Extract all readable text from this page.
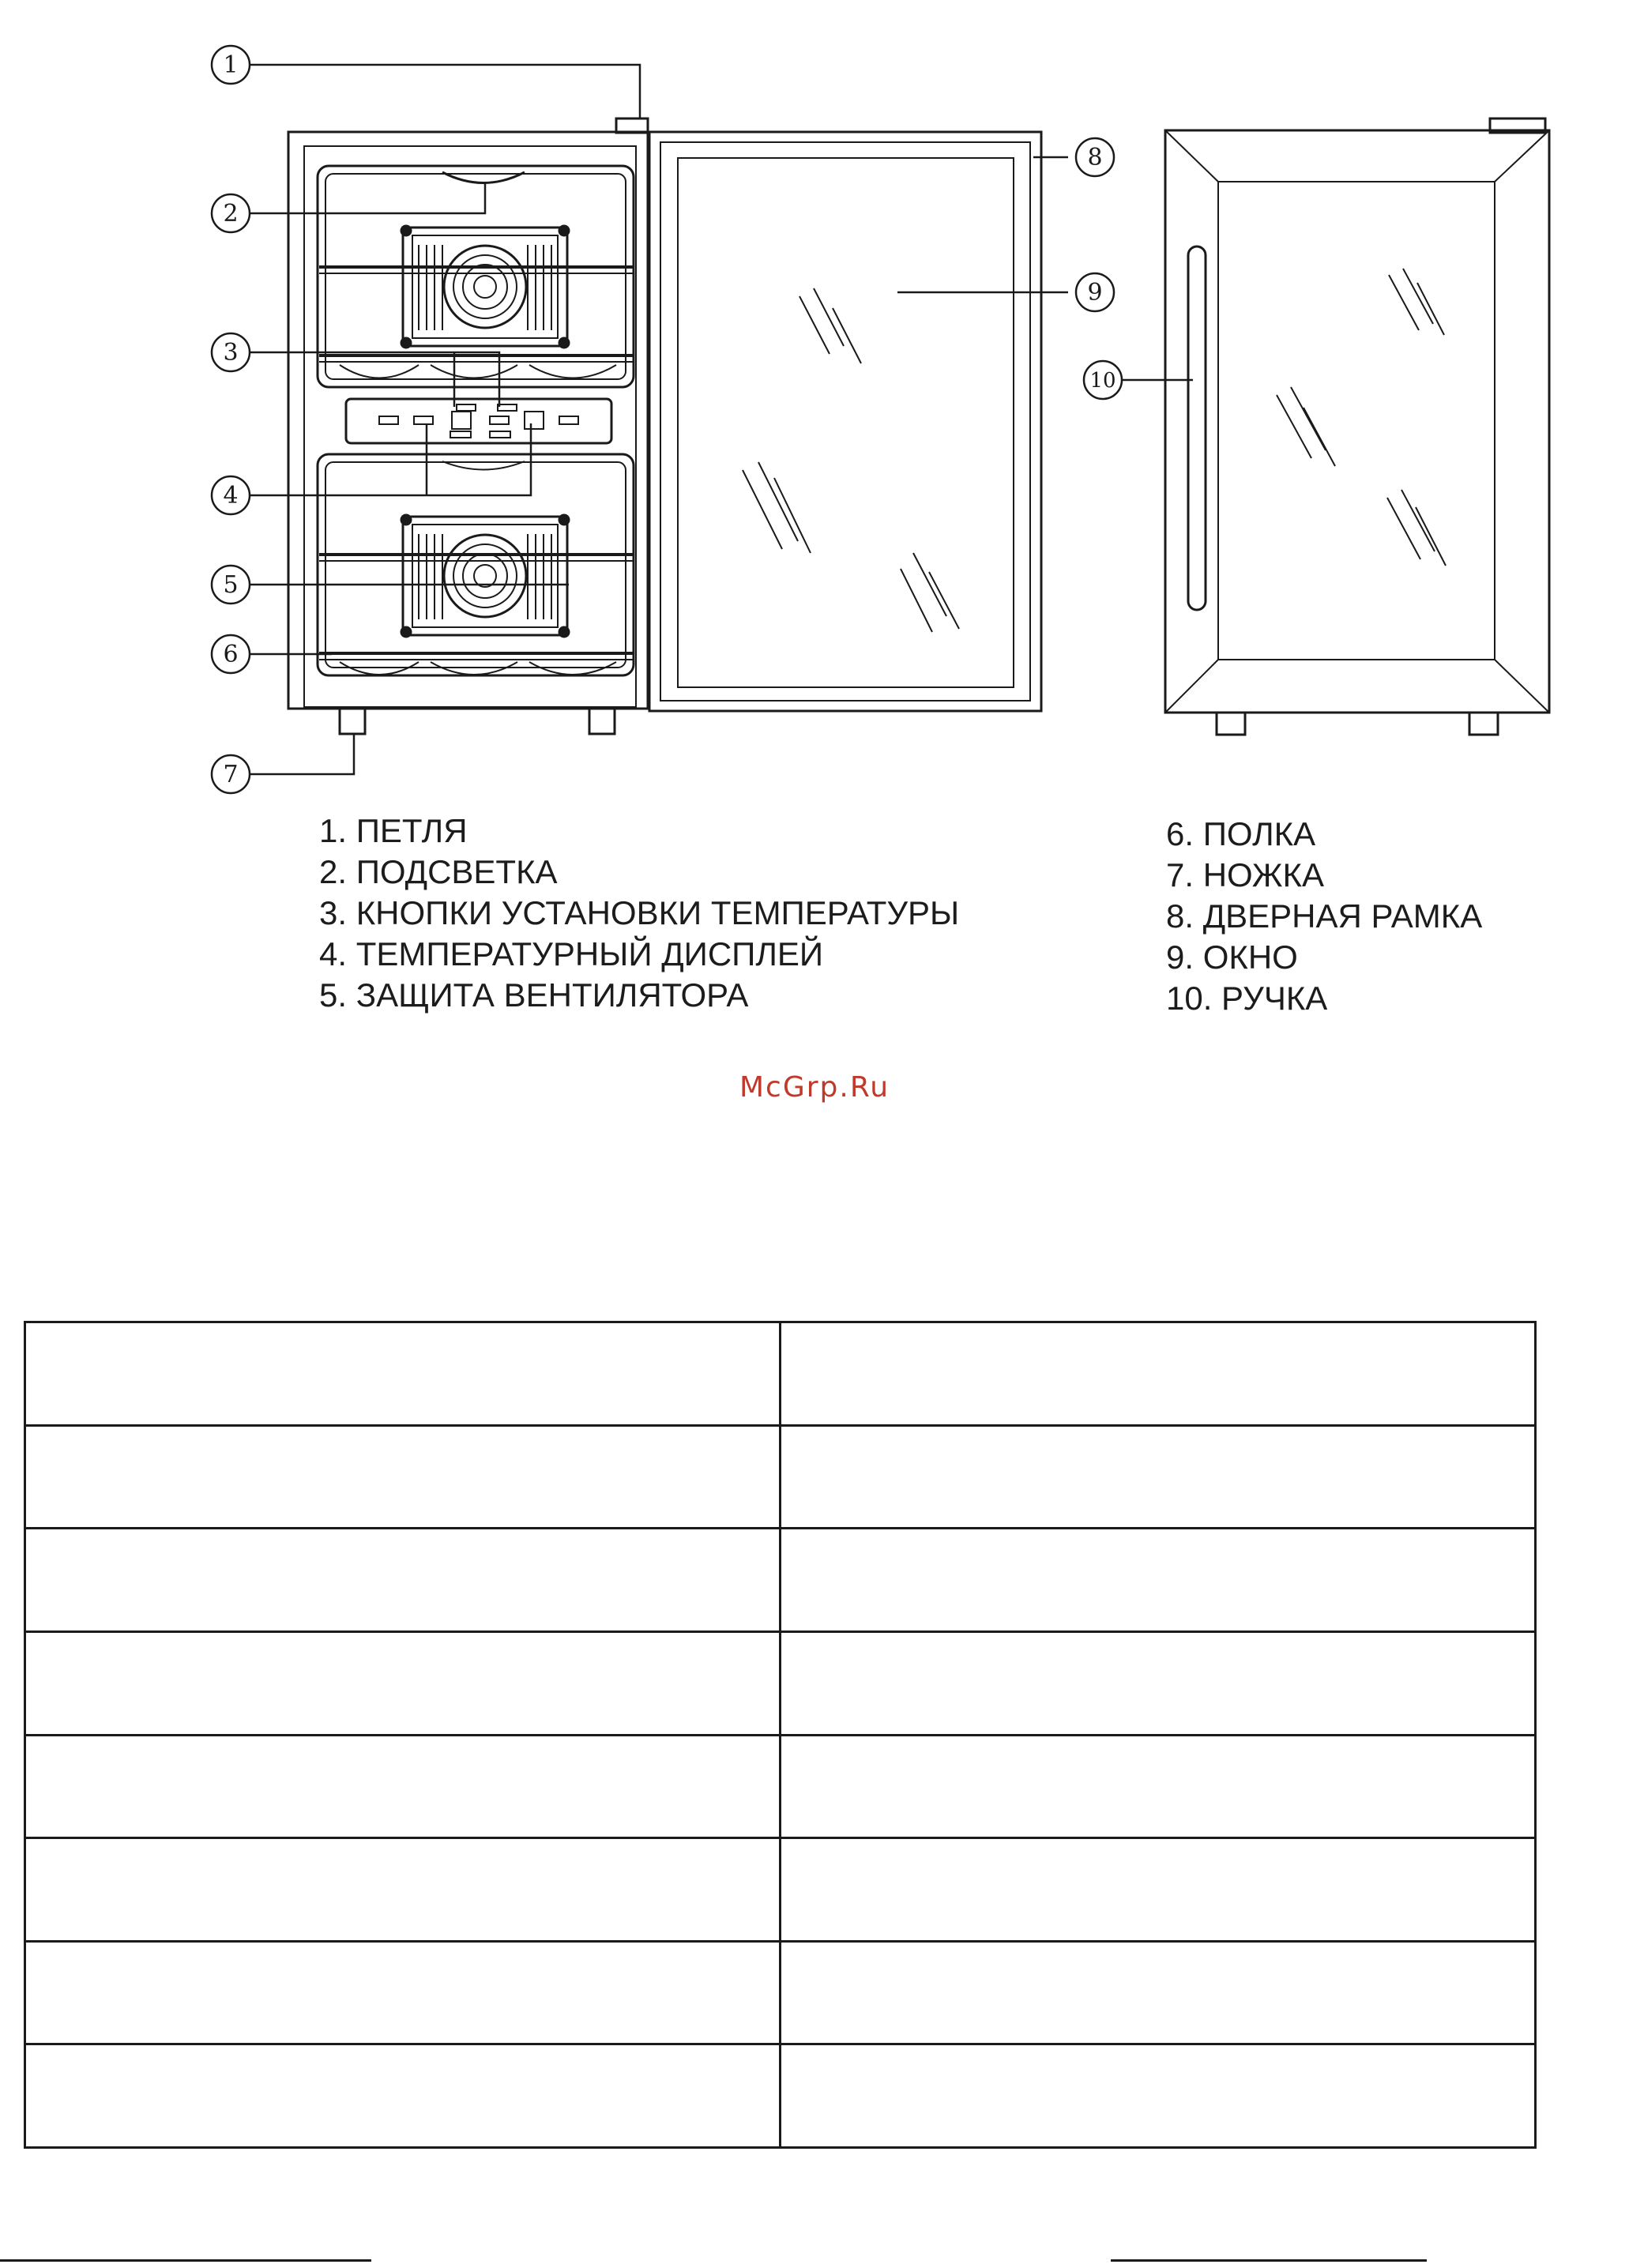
1
2
3
4
5
6
7
8
9
10
1. ПЕТЛЯ
2. ПОДСВЕТКА
3. КНОПКИ УСТАНОВКИ ТЕМПЕРАТУРЫ
4. ТЕМПЕРАТУРНЫЙ ДИСПЛЕЙ
5. ЗАЩИТА ВЕНТИЛЯТОРА
6. ПОЛКА
7. НОЖКА
8. ДВЕРНАЯ РАМКА
9. ОКНО
10. РУЧКА
McGrp.Ru
